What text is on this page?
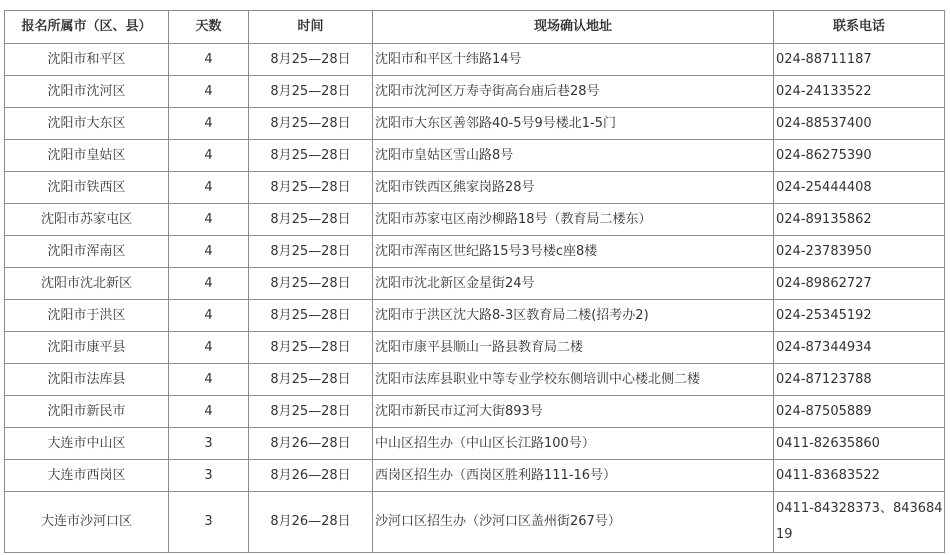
报名所属市（区、县）	天数	时间	现场确认地址	联系电话
沈阳市和平区	4	8月25—28日	沈阳市和平区十纬路14号	024-88711187
沈阳市沈河区	4	8月25—28日	沈阳市沈河区万寿寺街高台庙后巷28号	024-24133522
沈阳市大东区	4	8月25—28日	沈阳市大东区善邻路40-5号9号楼北1-5门	024-88537400
沈阳市皇姑区	4	8月25—28日	沈阳市皇姑区雪山路8号	024-86275390
沈阳市铁西区	4	8月25—28日	沈阳市铁西区熊家岗路28号	024-25444408
沈阳市苏家屯区	4	8月25—28日	沈阳市苏家屯区南沙柳路18号（教育局二楼东）	024-89135862
沈阳市浑南区	4	8月25—28日	沈阳市浑南区世纪路15号3号楼c座8楼	024-23783950
沈阳市沈北新区	4	8月25—28日	沈阳市沈北新区金星街24号	024-89862727
沈阳市于洪区	4	8月25—28日	沈阳市于洪区沈大路8-3区教育局二楼(招考办2)	024-25345192
沈阳市康平县	4	8月25—28日	沈阳市康平县顺山一路县教育局二楼	024-87344934
沈阳市法库县	4	8月25—28日	沈阳市法库县职业中等专业学校东侧培训中心楼北侧二楼	024-87123788
沈阳市新民市	4	8月25—28日	沈阳市新民市辽河大街893号	024-87505889
大连市中山区	3	8月26—28日	中山区招生办（中山区长江路100号）	0411-82635860
大连市西岗区	3	8月26—28日	西岗区招生办（西岗区胜利路111-16号）	0411-83683522
大连市沙河口区	3	8月26—28日	沙河口区招生办（沙河口区盖州街267号）	0411-84328373、84368419
